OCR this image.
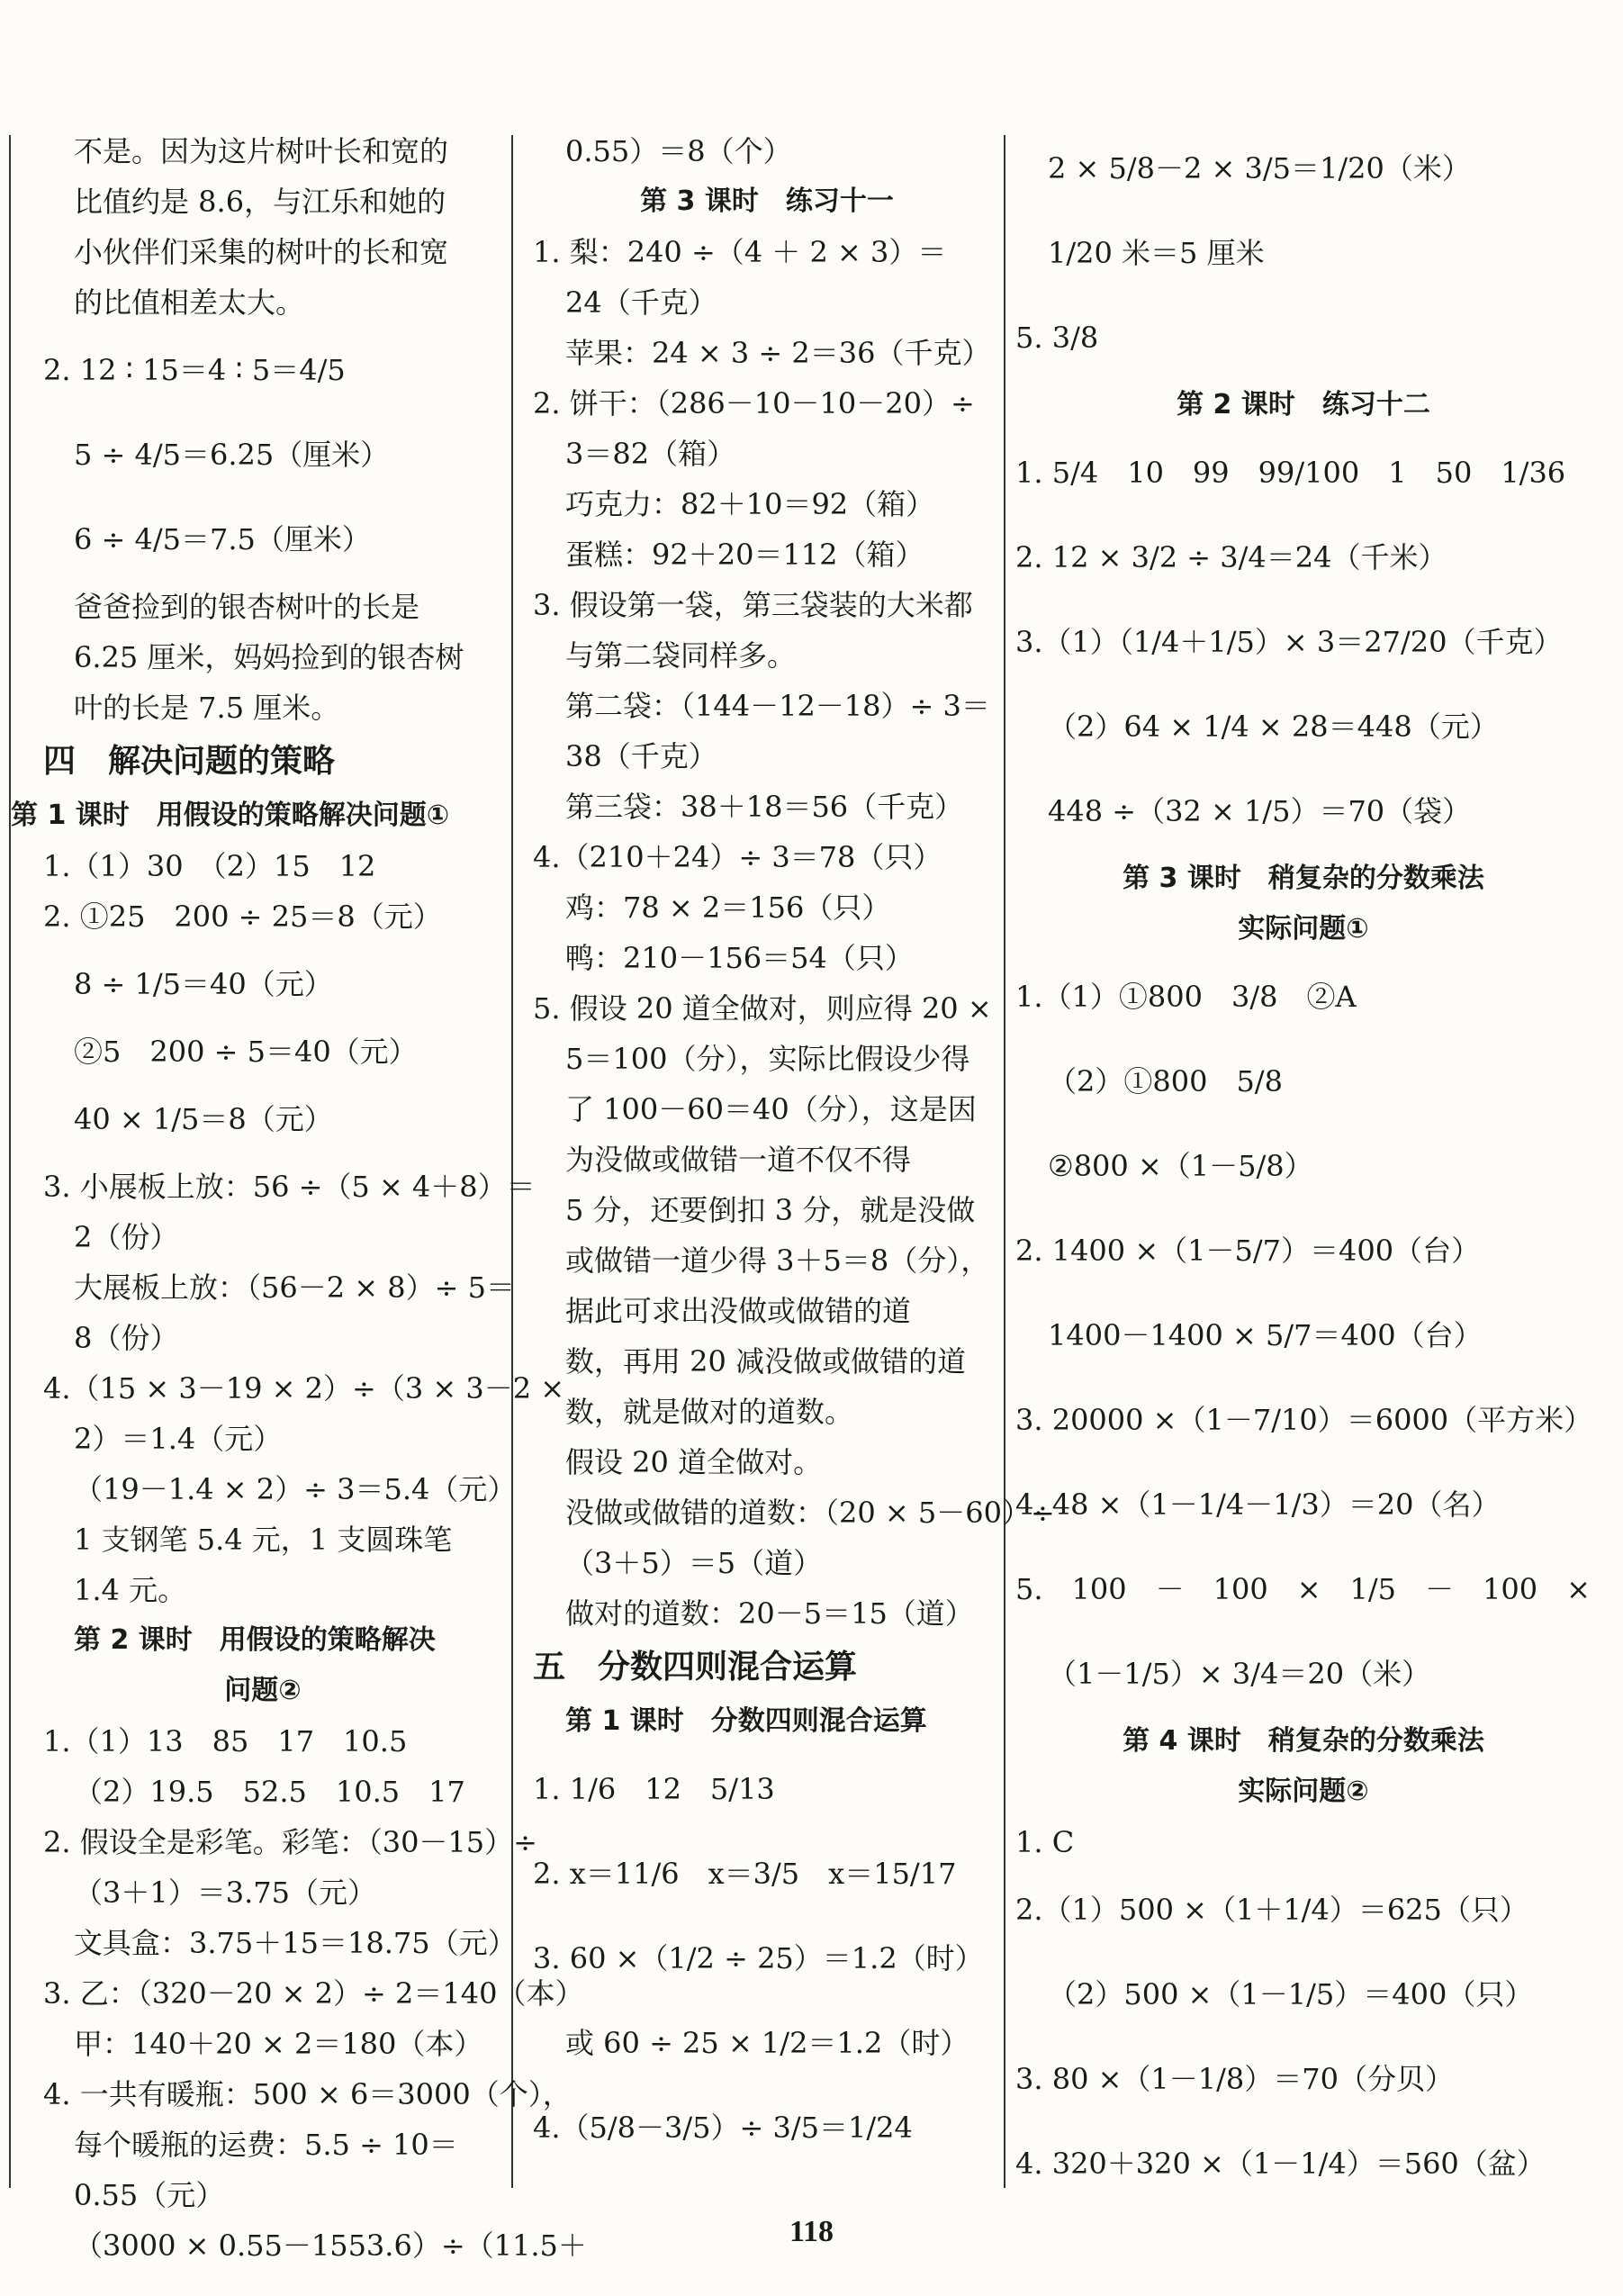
不是。因为这片树叶长和宽的
比值约是 8.6，与江乐和她的
小伙伴们采集的树叶的长和宽
的比值相差太大。
2. 12 ∶ 15＝4 ∶ 5＝4/5
5 ÷ 4/5＝6.25（厘米）
6 ÷ 4/5＝7.5（厘米）
爸爸捡到的银杏树叶的长是
6.25 厘米，妈妈捡到的银杏树
叶的长是 7.5 厘米。
四　解决问题的策略
第 1 课时　用假设的策略解决问题①
1.（1）30　（2）15　12
2. ①25　200 ÷ 25＝8（元）
8 ÷ 1/5＝40（元）
②5　200 ÷ 5＝40（元）
40 × 1/5＝8（元）
3. 小展板上放：56 ÷（5 × 4＋8）＝
2（份）
大展板上放：（56－2 × 8）÷ 5＝
8（份）
4.（15 × 3－19 × 2）÷（3 × 3－2 ×
2）＝1.4（元）
（19－1.4 × 2）÷ 3＝5.4（元）
1 支钢笔 5.4 元，1 支圆珠笔
1.4 元。
第 2 课时　用假设的策略解决
问题②
1.（1）13　85　17　10.5
（2）19.5　52.5　10.5　17
2. 假设全是彩笔。彩笔：（30－15）÷
（3＋1）＝3.75（元）
文具盒：3.75＋15＝18.75（元）
3. 乙：（320－20 × 2）÷ 2＝140（本）
甲：140＋20 × 2＝180（本）
4. 一共有暖瓶：500 × 6＝3000（个），
每个暖瓶的运费：5.5 ÷ 10＝
0.55（元）
（3000 × 0.55－1553.6）÷（11.5＋
0.55）＝8（个）
第 3 课时　练习十一
1. 梨：240 ÷（4 ＋ 2 × 3）＝
24（千克）
苹果：24 × 3 ÷ 2＝36（千克）
2. 饼干：（286－10－10－20）÷
3＝82（箱）
巧克力：82＋10＝92（箱）
蛋糕：92＋20＝112（箱）
3. 假设第一袋，第三袋装的大米都
与第二袋同样多。
第二袋：（144－12－18）÷ 3＝
38（千克）
第三袋：38＋18＝56（千克）
4.（210＋24）÷ 3＝78（只）
鸡：78 × 2＝156（只）
鸭：210－156＝54（只）
5. 假设 20 道全做对，则应得 20 ×
5＝100（分），实际比假设少得
了 100－60＝40（分），这是因
为没做或做错一道不仅不得
5 分，还要倒扣 3 分，就是没做
或做错一道少得 3＋5＝8（分），
据此可求出没做或做错的道
数，再用 20 减没做或做错的道
数，就是做对的道数。
假设 20 道全做对。
没做或做错的道数：（20 × 5－60）÷
（3＋5）＝5（道）
做对的道数：20－5＝15（道）
五　分数四则混合运算
第 1 课时　分数四则混合运算
1. 1/6　12　5/13
2. x＝11/6　x＝3/5　x＝15/17
3. 60 ×（1/2 ÷ 25）＝1.2（时）
或 60 ÷ 25 × 1/2＝1.2（时）
4.（5/8－3/5）÷ 3/5＝1/24
2 × 5/8－2 × 3/5＝1/20（米）
1/20 米＝5 厘米
5. 3/8
第 2 课时　练习十二
1. 5/4　10　99　99/100　1　50　1/36
2. 12 × 3/2 ÷ 3/4＝24（千米）
3.（1）（1/4＋1/5）× 3＝27/20（千克）
（2）64 × 1/4 × 28＝448（元）
448 ÷（32 × 1/5）＝70（袋）
第 3 课时　稍复杂的分数乘法
实际问题①
1.（1）①800　3/8　②A
（2）①800　5/8
②800 ×（1－5/8）
2. 1400 ×（1－5/7）＝400（台）
1400－1400 × 5/7＝400（台）
3. 20000 ×（1－7/10）＝6000（平方米）
4. 48 ×（1－1/4－1/3）＝20（名）
5.　100　－　100　×　1/5　－　100　×
（1－1/5）× 3/4＝20（米）
第 4 课时　稍复杂的分数乘法
实际问题②
1. C
2.（1）500 ×（1＋1/4）＝625（只）
（2）500 ×（1－1/5）＝400（只）
3. 80 ×（1－1/8）＝70（分贝）
4. 320＋320 ×（1－1/4）＝560（盆）
118
